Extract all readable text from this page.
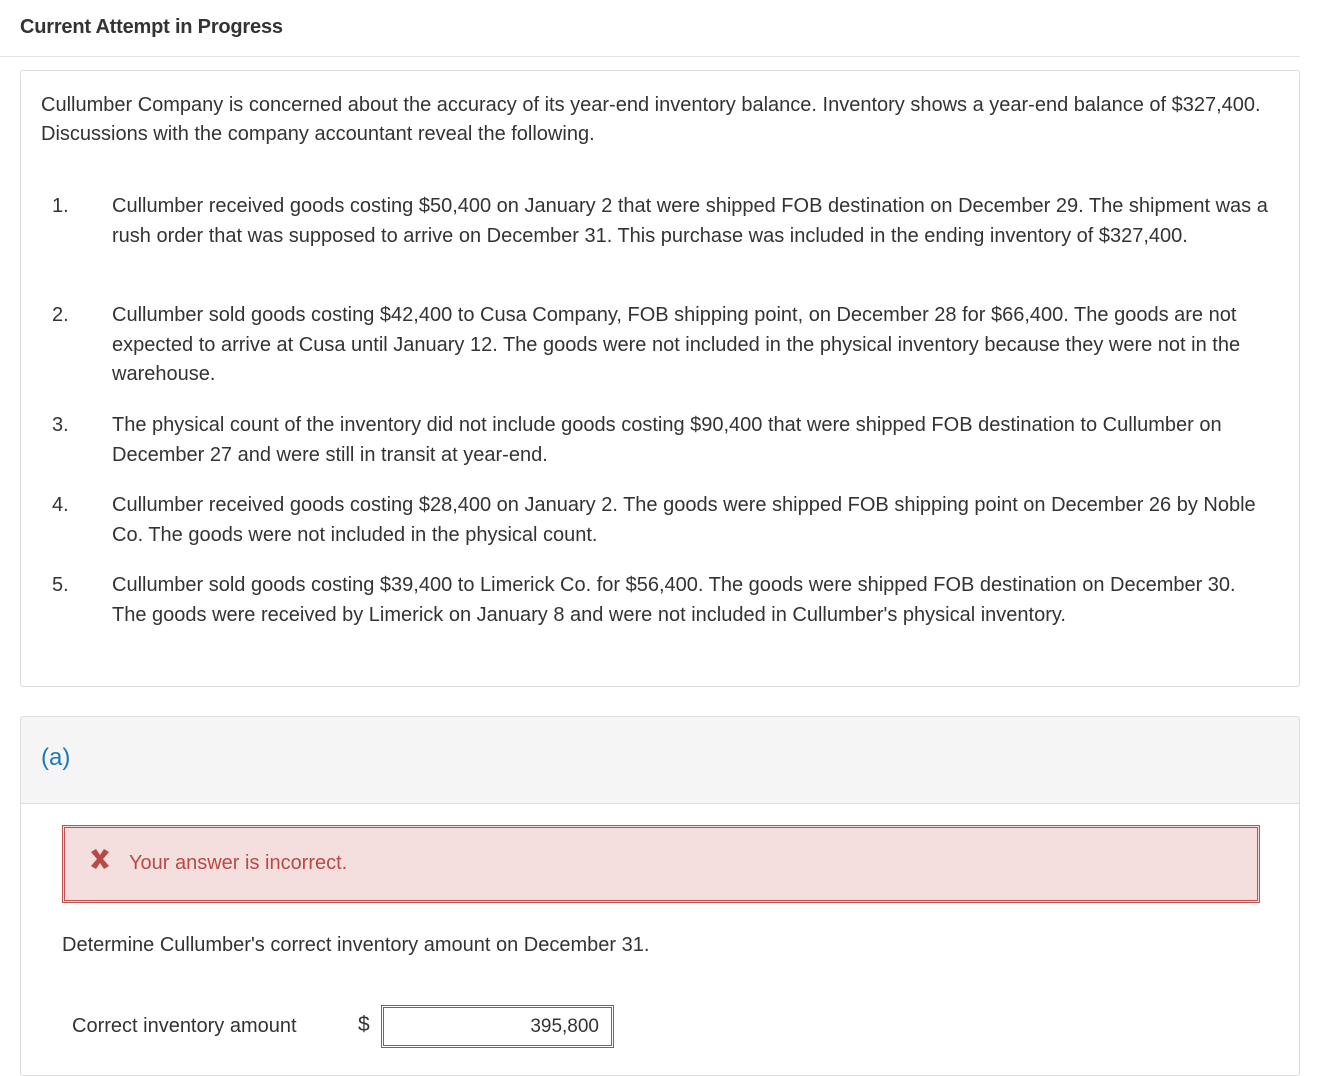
Current Attempt in Progress
Cullumber Company is concerned about the accuracy of its year-end inventory balance. Inventory shows a year-end balance of $327,400. Discussions with the company accountant reveal the following.
1. Cullumber received goods costing $50,400 on January 2 that were shipped FOB destination on December 29. The shipment was a rush order that was supposed to arrive on December 31. This purchase was included in the ending inventory of $327,400.
2. Cullumber sold goods costing $42,400 to Cusa Company, FOB shipping point, on December 28 for $66,400. The goods are not expected to arrive at Cusa until January 12. The goods were not included in the physical inventory because they were not in the warehouse.
3. The physical count of the inventory did not include goods costing $90,400 that were shipped FOB destination to Cullumber on December 27 and were still in transit at year-end.
4. Cullumber received goods costing $28,400 on January 2. The goods were shipped FOB shipping point on December 26 by Noble Co. The goods were not included in the physical count.
5. Cullumber sold goods costing $39,400 to Limerick Co. for $56,400. The goods were shipped FOB destination on December 30. The goods were received by Limerick on January 8 and were not included in Cullumber's physical inventory.
(a)
Your answer is incorrect.
Determine Cullumber's correct inventory amount on December 31.
Correct inventory amount	$
395,800
